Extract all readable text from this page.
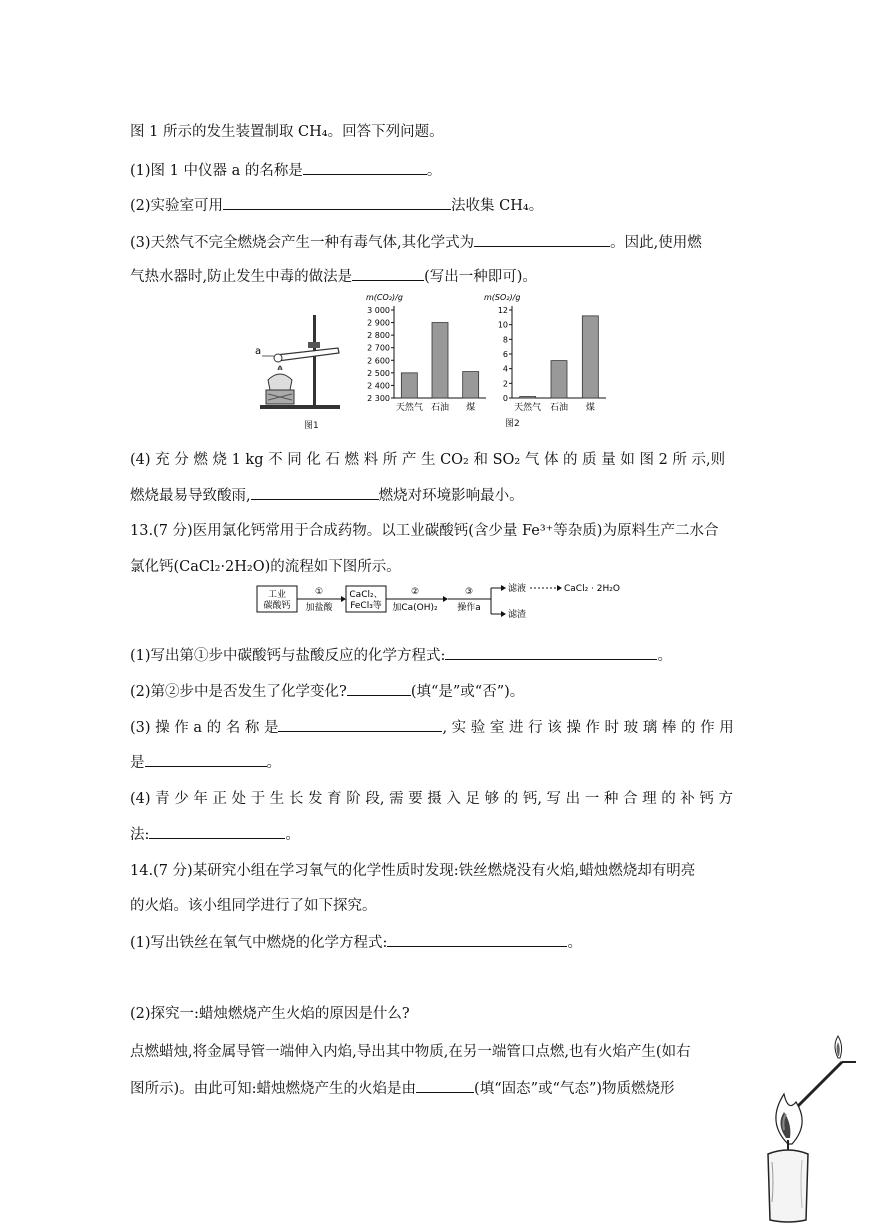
图 1 所示的发生装置制取 CH₄。回答下列问题。
(1)图 1 中仪器 a 的名称是	。
(2)实验室可用	法收集 CH₄。
(3)天然气不完全燃烧会产生一种有毒气体,其化学式为	。因此,使用燃
气热水器时,防止发生中毒的做法是	(写出一种即可)。
a
图1
m(CO₂)/g
2 300
2 400
2 500
2 600
2 700
2 800
2 900
3 000
天然气 石油 煤
m(SO₂)/g
0
2
4
6
8
10
12
天然气 石油 煤
图2
(4) 充 分 燃 烧 1 kg 不 同 化 石 燃 料 所 产 生 CO₂ 和 SO₂ 气 体 的 质 量 如 图 2 所 示,则
燃烧最易导致酸雨,	燃烧对环境影响最小。
13.(7 分)医用氯化钙常用于合成药物。以工业碳酸钙(含少量 Fe³⁺等杂质)为原料生产二水合
氯化钙(CaCl₂·2H₂O)的流程如下图所示。
工业
碳酸钙
①
加盐酸
CaCl₂、
FeCl₃等
②
加Ca(OH)₂
③
操作a
滤液	CaCl₂ · 2H₂O
滤渣
(1)写出第①步中碳酸钙与盐酸反应的化学方程式:	。
(2)第②步中是否发生了化学变化?	(填“是”或“否”)。
(3) 操 作 a 的 名 称 是	, 实 验 室 进 行 该 操 作 时 玻 璃 棒 的 作 用
是	。
(4) 青 少 年 正 处 于 生 长 发 育 阶 段, 需 要 摄 入 足 够 的 钙, 写 出 一 种 合 理 的 补 钙 方
法:	。
14.(7 分)某研究小组在学习氧气的化学性质时发现:铁丝燃烧没有火焰,蜡烛燃烧却有明亮
的火焰。该小组同学进行了如下探究。
(1)写出铁丝在氧气中燃烧的化学方程式:	。
(2)探究一:蜡烛燃烧产生火焰的原因是什么?
点燃蜡烛,将金属导管一端伸入内焰,导出其中物质,在另一端管口点燃,也有火焰产生(如右
图所示)。由此可知:蜡烛燃烧产生的火焰是由	(填“固态”或“气态”)物质燃烧形
